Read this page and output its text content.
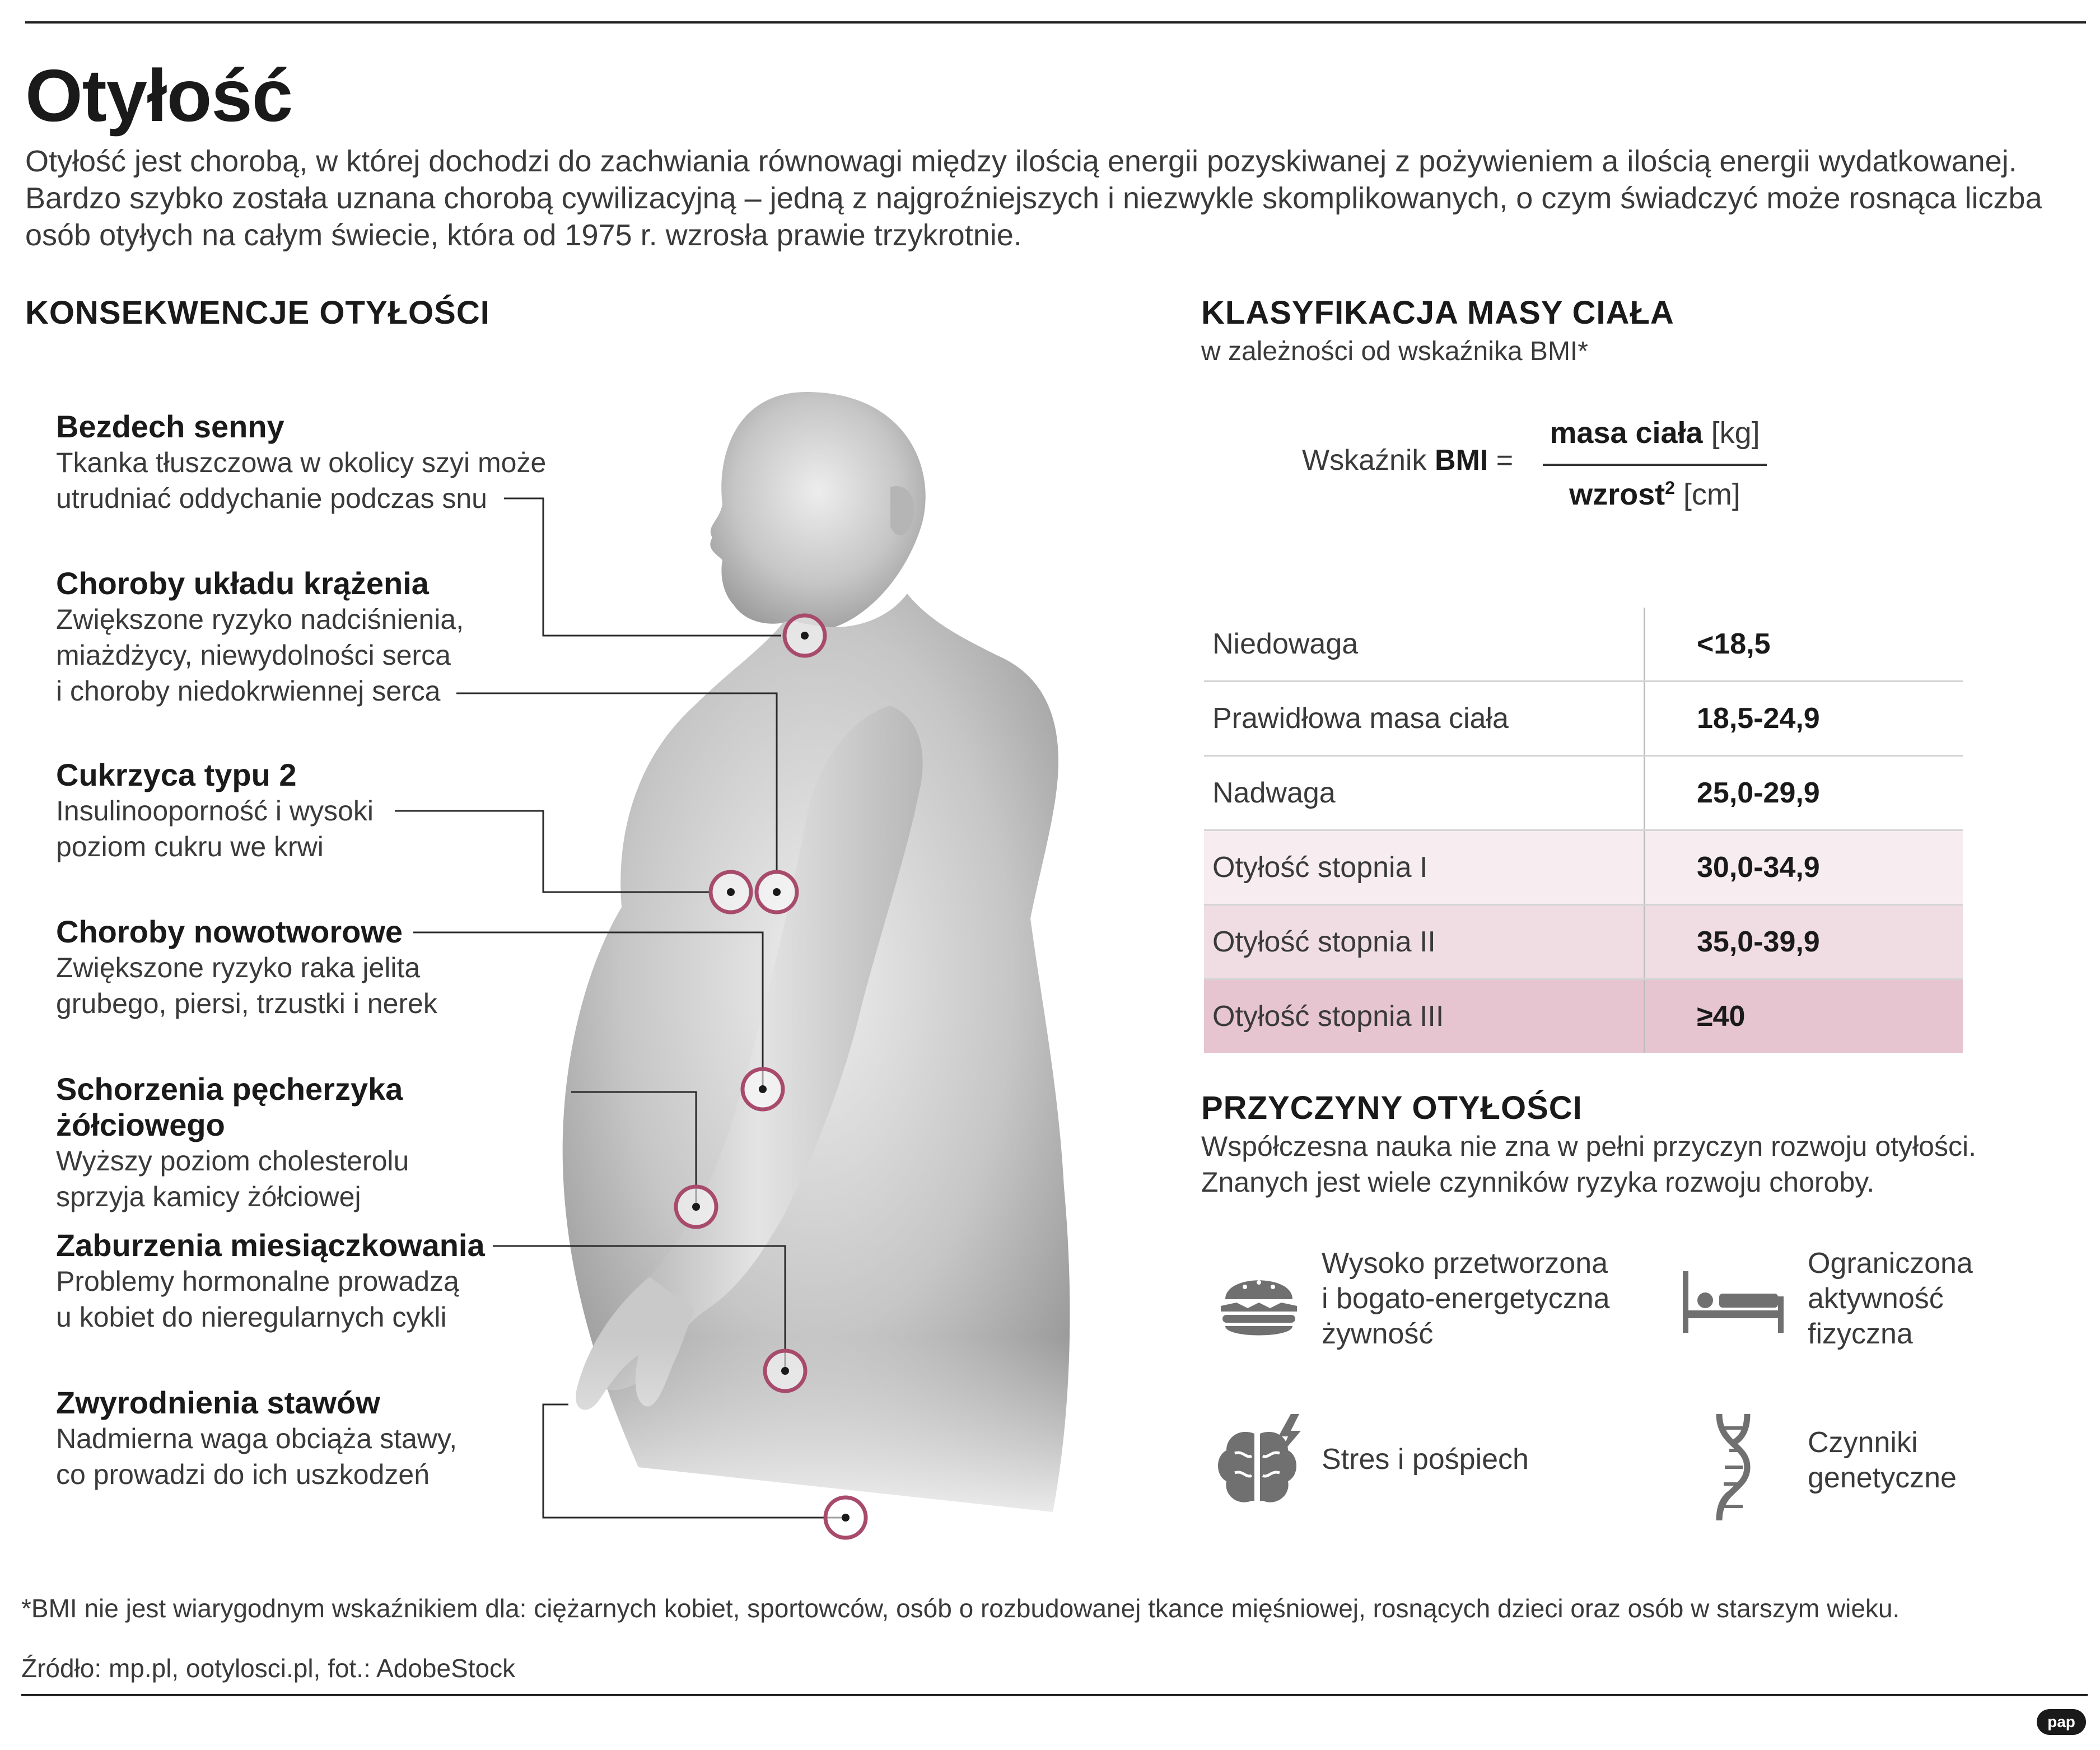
Otyłość

Otyłość jest chorobą, w której dochodzi do zachwiania równowagi między ilością energii pozyskiwanej z pożywieniem a ilością energii wydatkowanej. Bardzo szybko została uznana chorobą cywilizacyjną – jedną z najgroźniejszych i niezwykle skomplikowanych, o czym świadczyć może rosnąca liczba osób otyłych na całym świecie, która od 1975 r. wzrosła prawie trzykrotnie.

KONSEKWENCJE OTYŁOŚCI

Bezdech senny

Tkanka tłuszczowa w okolicy szyi może

utrudniać oddychanie podczas snu

Choroby układu krążenia

Zwiększone ryzyko nadciśnienia,

miażdżycy, niewydolności serca

i choroby niedokrwiennej serca

Cukrzyca typu 2

Insulinooporność i wysoki

poziom cukru we krwi

Choroby nowotworowe

Zwiększone ryzyko raka jelita

grubego, piersi, trzustki i nerek

Schorzenia pęcherzyka żółciowego

Wyższy poziom cholesterolu

sprzyja kamicy żółciowej

Zaburzenia miesiączkowania

Problemy hormonalne prowadzą

u kobiet do nieregularnych cykli

Zwyrodnienia stawów

Nadmierna waga obciąża stawy,

co prowadzi do ich uszkodzeń

KLASYFIKACJA MASY CIAŁA

w zależności od wskaźnika BMI*

Wskaźnik BMI =
masa ciała [kg]
wzrost$^2$ [cm]
Niedowaga	<18,5
Prawidłowa masa ciała	18,5-24,9
Nadwaga	25,0-29,9
Otyłość stopnia I	30,0-34,9
Otyłość stopnia II	35,0-39,9
Otyłość stopnia III	≥40
PRZYCZYNY OTYŁOŚCI

Współczesna nauka nie zna w pełni przyczyn rozwoju otyłości.

Znanych jest wiele czynników ryzyka rozwoju choroby.

Wysoko przetworzona
i bogato-energetyczna
żywność
Ograniczona
aktywność
fizyczna
Stres i pośpiech
Czynniki
genetyczne

*BMI nie jest wiarygodnym wskaźnikiem dla: ciężarnych kobiet, sportowców, osób o rozbudowanej tkance mięśniowej, rosnących dzieci oraz osób w starszym wieku.

Źródło: mp.pl, ootylosci.pl, fot.: AdobeStock

pap
